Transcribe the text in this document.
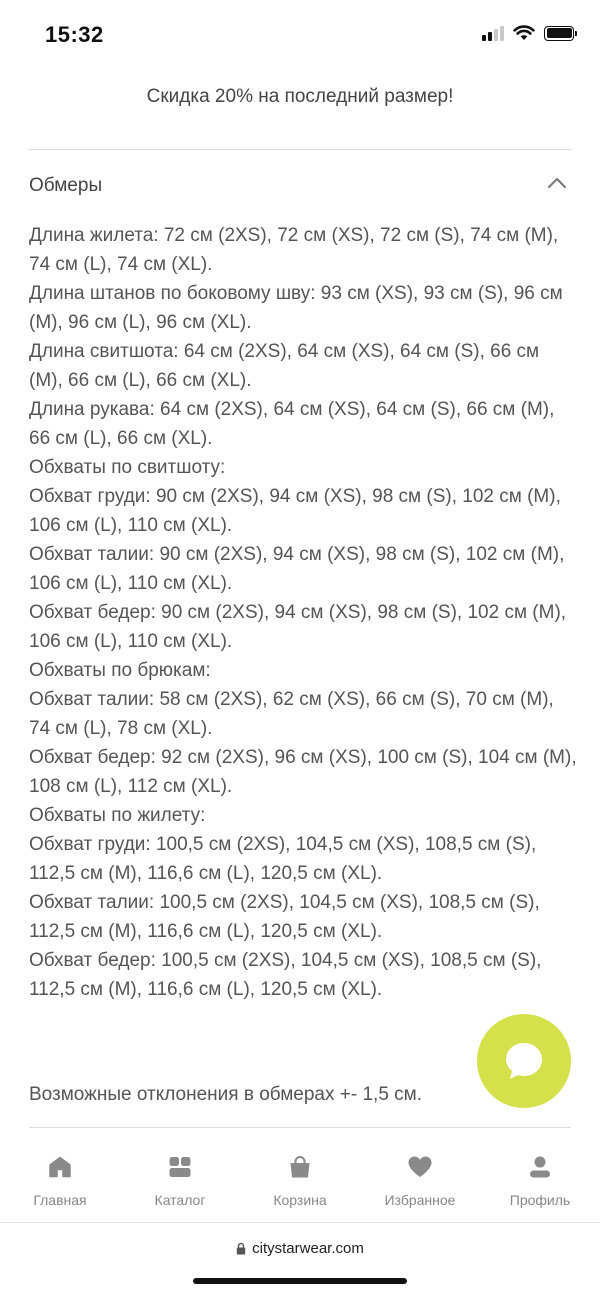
15:32
Скидка 20% на последний размер!
Обмеры

Длина жилета: 72 см (2XS), 72 см (XS), 72 см (S), 74 см (M), 74 см (L), 74 см (XL).

Длина штанов по боковому шву: 93 см (XS), 93 см (S), 96 см (M), 96 см (L), 96 см (XL).

Длина свитшота: 64 см (2XS), 64 см (XS), 64 см (S), 66 см (M), 66 см (L), 66 см (XL).

Длина рукава: 64 см (2XS), 64 см (XS), 64 см (S), 66 см (M), 66 см (L), 66 см (XL).

Обхваты по свитшоту:

Обхват груди: 90 см (2XS), 94 см (XS), 98 см (S), 102 см (M), 106 см (L), 110 см (XL).

Обхват талии: 90 см (2XS), 94 см (XS), 98 см (S), 102 см (M), 106 см (L), 110 см (XL).

Обхват бедер: 90 см (2XS), 94 см (XS), 98 см (S), 102 см (M), 106 см (L), 110 см (XL).

Обхваты по брюкам:

Обхват талии: 58 см (2XS), 62 см (XS), 66 см (S), 70 см (M), 74 см (L), 78 см (XL).

Обхват бедер: 92 см (2XS), 96 см (XS), 100 см (S), 104 см (M), 108 см (L), 112 см (XL).

Обхваты по жилету:

Обхват груди: 100,5 см (2XS), 104,5 см (XS), 108,5 см (S), 112,5 см (M), 116,6 см (L), 120,5 см (XL).

Обхват талии: 100,5 см (2XS), 104,5 см (XS), 108,5 см (S), 112,5 см (M), 116,6 см (L), 120,5 см (XL).

Обхват бедер: 100,5 см (2XS), 104,5 см (XS), 108,5 см (S), 112,5 см (M), 116,6 см (L), 120,5 см (XL).

Возможные отклонения в обмерах +- 1,5 см.
Главная	Каталог	Корзина	Избранное	Профиль
citystarwear.com
